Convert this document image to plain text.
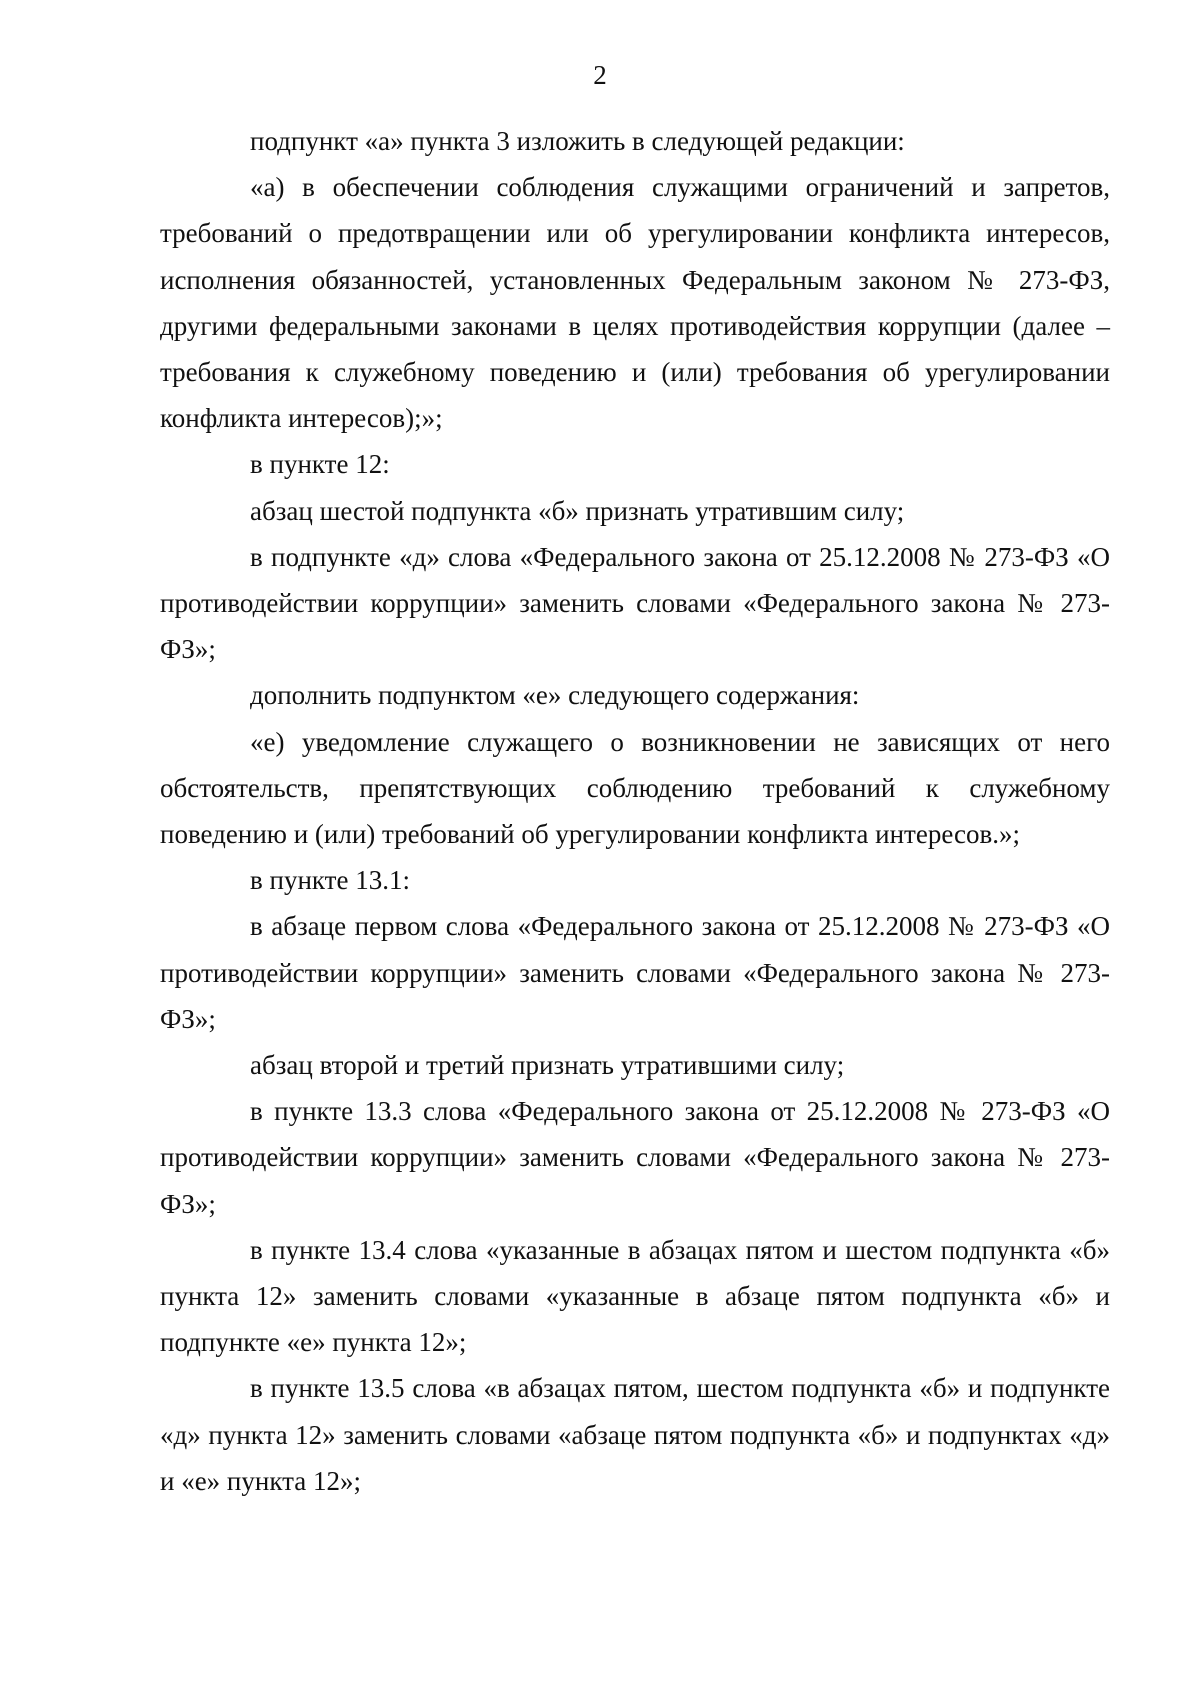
2

подпункт «а» пункта 3 изложить в следующей редакции:

«а) в обеспечении соблюдения служащими ограничений и запретов, требований о предотвращении или об урегулировании конфликта интересов, исполнения обязанностей, установленных Федеральным законом № 273-ФЗ, другими федеральными законами в целях противодействия коррупции (далее – требования к служебному поведению и (или) требования об урегулировании конфликта интересов);»;

в пункте 12:

абзац шестой подпункта «б» признать утратившим силу;

в подпункте «д» слова «Федерального закона от 25.12.2008 № 273-ФЗ «О противодействии коррупции» заменить словами «Федерального закона № 273-ФЗ»;

дополнить подпунктом «е» следующего содержания:

«е) уведомление служащего о возникновении не зависящих от него обстоятельств, препятствующих соблюдению требований к служебному поведению и (или) требований об урегулировании конфликта интересов.»;

в пункте 13.1:

в абзаце первом слова «Федерального закона от 25.12.2008 № 273-ФЗ «О противодействии коррупции» заменить словами «Федерального закона № 273-ФЗ»;

абзац второй и третий признать утратившими силу;

в пункте 13.3 слова «Федерального закона от 25.12.2008 № 273-ФЗ «О противодействии коррупции» заменить словами «Федерального закона № 273-ФЗ»;

в пункте 13.4 слова «указанные в абзацах пятом и шестом подпункта «б» пункта 12» заменить словами «указанные в абзаце пятом подпункта «б» и подпункте «е» пункта 12»;

в пункте 13.5 слова «в абзацах пятом, шестом подпункта «б» и подпункте «д» пункта 12» заменить словами «абзаце пятом подпункта «б» и подпунктах «д» и «е» пункта 12»;
